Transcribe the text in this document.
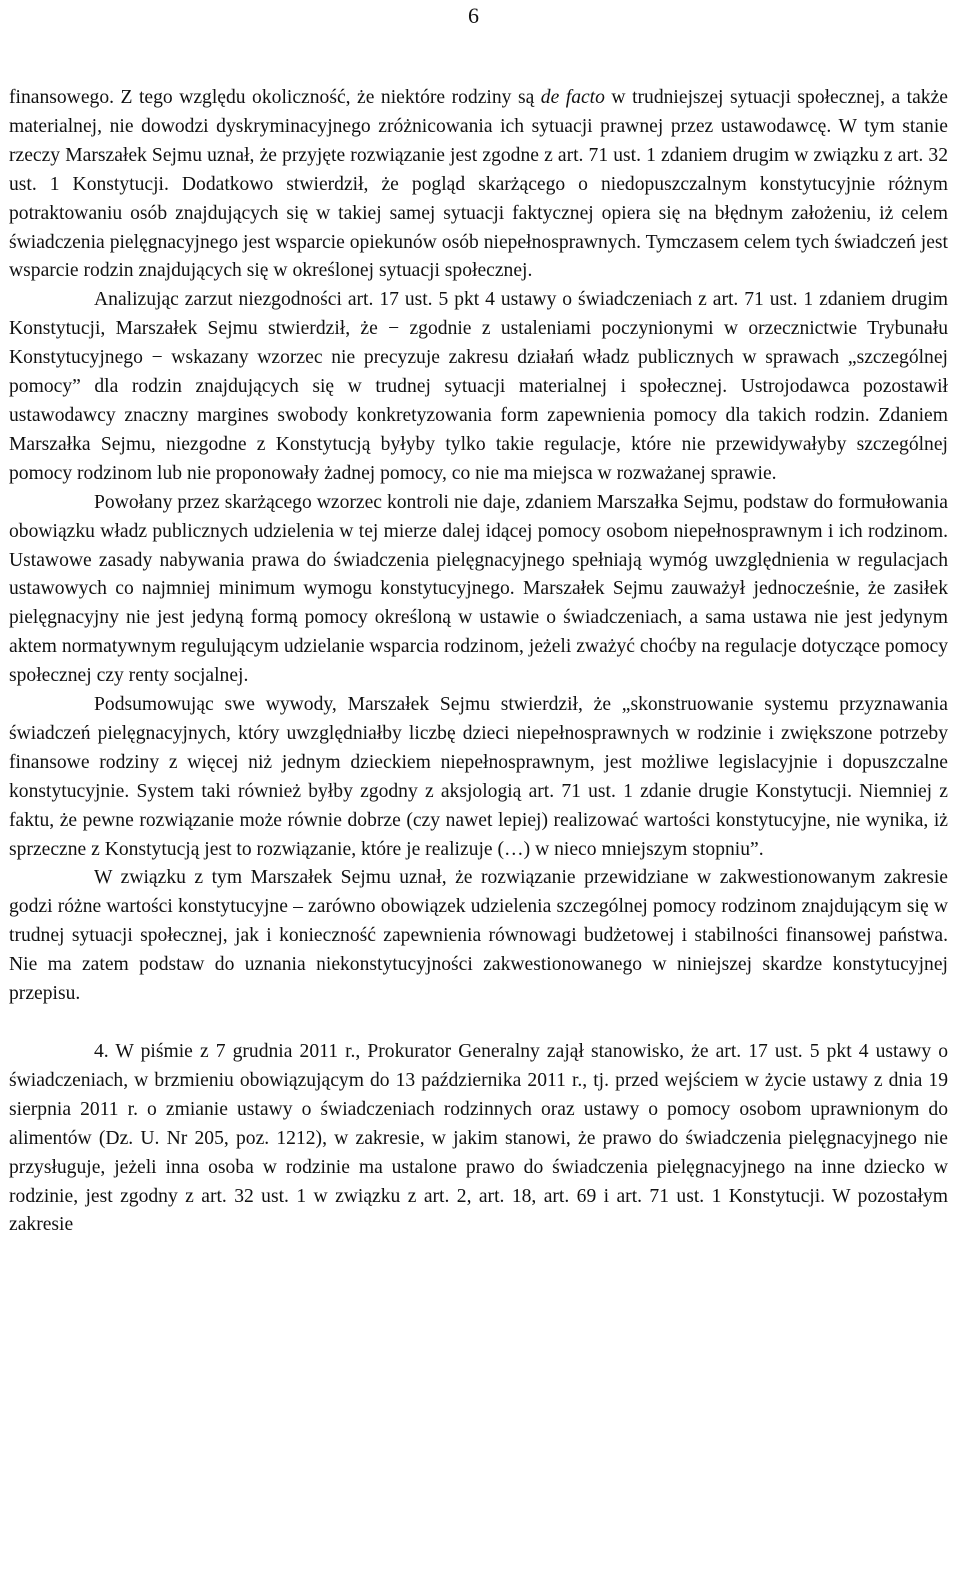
6

finansowego. Z tego względu okoliczność, że niektóre rodziny są de facto w trudniejszej sytuacji społecznej, a także materialnej, nie dowodzi dyskryminacyjnego zróżnicowania ich sytuacji prawnej przez ustawodawcę. W tym stanie rzeczy Marszałek Sejmu uznał, że przyjęte rozwiązanie jest zgodne z art. 71 ust. 1 zdaniem drugim w związku z art. 32 ust. 1 Konstytucji. Dodatkowo stwierdził, że pogląd skarżącego o niedopuszczalnym konstytucyjnie różnym potraktowaniu osób znajdujących się w takiej samej sytuacji faktycznej opiera się na błędnym założeniu, iż celem świadczenia pielęgnacyjnego jest wsparcie opiekunów osób niepełnosprawnych. Tymczasem celem tych świadczeń jest wsparcie rodzin znajdujących się w określonej sytuacji społecznej.

Analizując zarzut niezgodności art. 17 ust. 5 pkt 4 ustawy o świadczeniach z art. 71 ust. 1 zdaniem drugim Konstytucji, Marszałek Sejmu stwierdził, że − zgodnie z ustaleniami poczynionymi w orzecznictwie Trybunału Konstytucyjnego − wskazany wzorzec nie precyzuje zakresu działań władz publicznych w sprawach „szczególnej pomocy” dla rodzin znajdujących się w trudnej sytuacji materialnej i społecznej. Ustrojodawca pozostawił ustawodawcy znaczny margines swobody konkretyzowania form zapewnienia pomocy dla takich rodzin. Zdaniem Marszałka Sejmu, niezgodne z Konstytucją byłyby tylko takie regulacje, które nie przewidywałyby szczególnej pomocy rodzinom lub nie proponowały żadnej pomocy, co nie ma miejsca w rozważanej sprawie.

Powołany przez skarżącego wzorzec kontroli nie daje, zdaniem Marszałka Sejmu, podstaw do formułowania obowiązku władz publicznych udzielenia w tej mierze dalej idącej pomocy osobom niepełnosprawnym i ich rodzinom. Ustawowe zasady nabywania prawa do świadczenia pielęgnacyjnego spełniają wymóg uwzględnienia w regulacjach ustawowych co najmniej minimum wymogu konstytucyjnego. Marszałek Sejmu zauważył jednocześnie, że zasiłek pielęgnacyjny nie jest jedyną formą pomocy określoną w ustawie o świadczeniach, a sama ustawa nie jest jedynym aktem normatywnym regulującym udzielanie wsparcia rodzinom, jeżeli zważyć choćby na regulacje dotyczące pomocy społecznej czy renty socjalnej.

Podsumowując swe wywody, Marszałek Sejmu stwierdził, że „skonstruowanie systemu przyznawania świadczeń pielęgnacyjnych, który uwzględniałby liczbę dzieci niepełnosprawnych w rodzinie i zwiększone potrzeby finansowe rodziny z więcej niż jednym dzieckiem niepełnosprawnym, jest możliwe legislacyjnie i dopuszczalne konstytucyjnie. System taki również byłby zgodny z aksjologią art. 71 ust. 1 zdanie drugie Konstytucji. Niemniej z faktu, że pewne rozwiązanie może równie dobrze (czy nawet lepiej) realizować wartości konstytucyjne, nie wynika, iż sprzeczne z Konstytucją jest to rozwiązanie, które je realizuje (…) w nieco mniejszym stopniu”.

W związku z tym Marszałek Sejmu uznał, że rozwiązanie przewidziane w zakwestionowanym zakresie godzi różne wartości konstytucyjne – zarówno obowiązek udzielenia szczególnej pomocy rodzinom znajdującym się w trudnej sytuacji społecznej, jak i konieczność zapewnienia równowagi budżetowej i stabilności finansowej państwa. Nie ma zatem podstaw do uznania niekonstytucyjności zakwestionowanego w niniejszej skardze konstytucyjnej przepisu.

4. W piśmie z 7 grudnia 2011 r., Prokurator Generalny zajął stanowisko, że art. 17 ust. 5 pkt 4 ustawy o świadczeniach, w brzmieniu obowiązującym do 13 października 2011 r., tj. przed wejściem w życie ustawy z dnia 19 sierpnia 2011 r. o zmianie ustawy o świadczeniach rodzinnych oraz ustawy o pomocy osobom uprawnionym do alimentów (Dz. U. Nr 205, poz. 1212), w zakresie, w jakim stanowi, że prawo do świadczenia pielęgnacyjnego nie przysługuje, jeżeli inna osoba w rodzinie ma ustalone prawo do świadczenia pielęgnacyjnego na inne dziecko w rodzinie, jest zgodny z art. 32 ust. 1 w związku z art. 2, art. 18, art. 69 i art. 71 ust. 1 Konstytucji. W pozostałym zakresie
